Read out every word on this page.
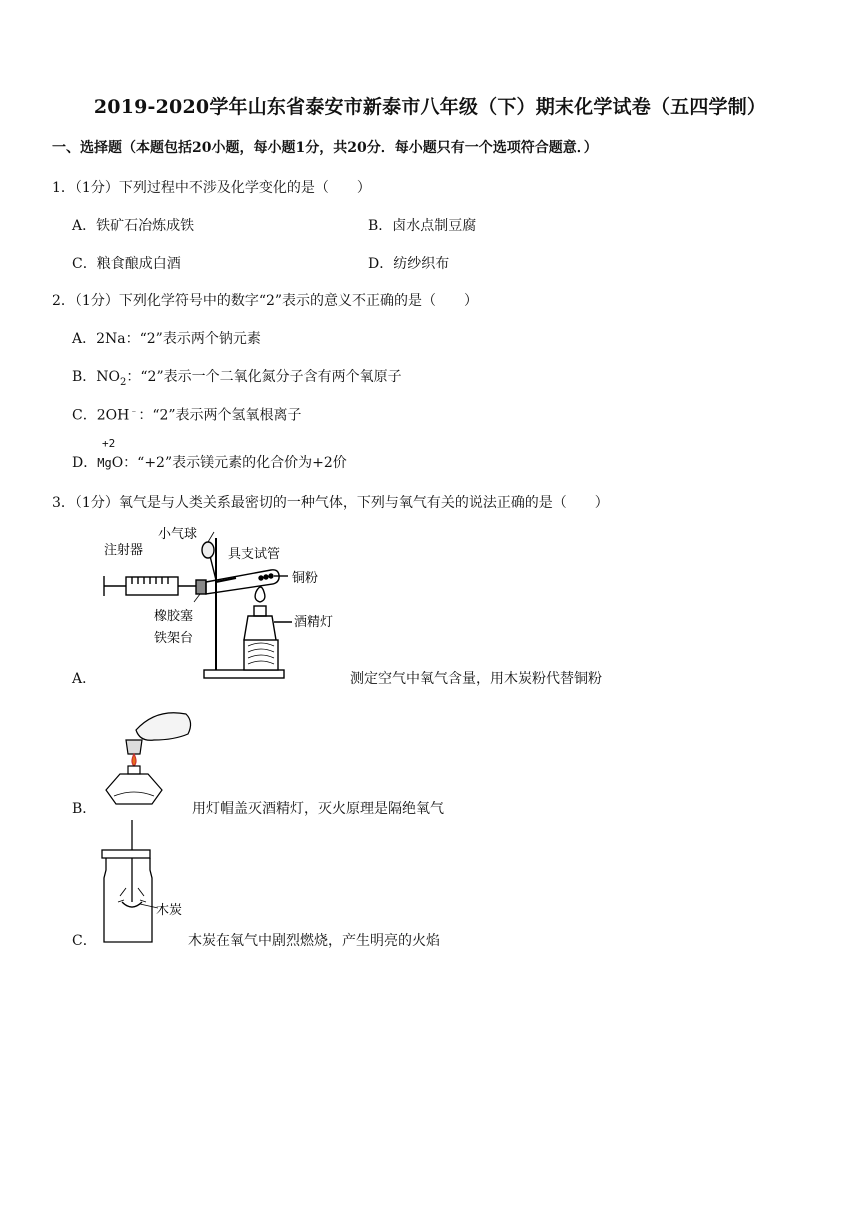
2019-2020学年山东省泰安市新泰市八年级（下）期末化学试卷（五四学制）
一、选择题（本题包括20小题，每小题1分，共20分．每小题只有一个选项符合题意．）
1．（1分）下列过程中不涉及化学变化的是（　　）
A．铁矿石冶炼成铁	B．卤水点制豆腐
C．粮食酿成白酒	D．纺纱织布
2．（1分）下列化学符号中的数字“2”表示的意义不正确的是（　　）
A．2Na：“2”表示两个钠元素
B．$NO_2$：“2”表示一个二氧化氮分子含有两个氧原子
C．2OH﹣：“2”表示两个氢氧根离子
+2
D．MgO：“+2”表示镁元素的化合价为+2价
3．（1分）氧气是与人类关系最密切的一种气体，下列与氧气有关的说法正确的是（　　）
注射器
小气球
具支试管
铜粉
橡胶塞	酒精灯
铁架台
A．	测定空气中氧气含量，用木炭粉代替铜粉
B．	用灯帽盖灭酒精灯，灭火原理是隔绝氧气
木炭
C．	木炭在氧气中剧烈燃烧，产生明亮的火焰
